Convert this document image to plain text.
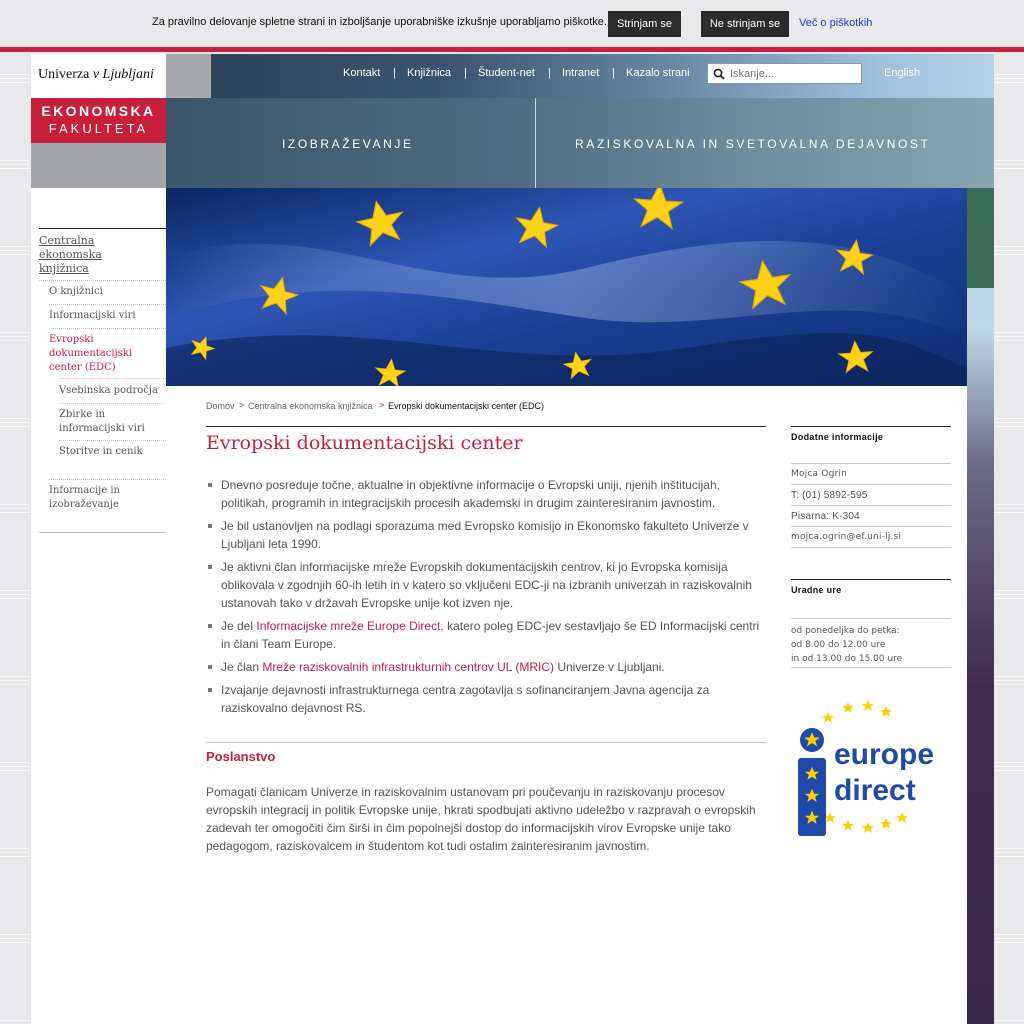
Za pravilno delovanje spletne strani in izboljšanje uporabniške izkušnje uporabljamo piškotke. Strinjam se	Ne strinjam se	Več o piškotkih
Univerza v Ljubljani
EKONOMSKA
FAKULTETA
Kontakt | Knjižnica | Študent-net | Intranet | Kazalo strani
Iskanje...	English
IZOBRAŽEVANJE	RAZISKOVALNA IN SVETOVALNA DEJAVNOST
Centralna ekonomska knjižnica
O knjižnici
Informacijski viri
Evropski dokumentacijski center (EDC)
Vsebinska področja
Zbirke in informacijski viri
Storitve in cenik
Informacije in izobraževanje
Domov > Centralna ekonomska knjižnica > Evropski dokumentacijski center (EDC)
Evropski dokumentacijski center
Dnevno posreduje točne, aktualne in objektivne informacije o Evropski uniji, njenih inštitucijah, politikah, programih in integracijskih procesih akademski in drugim zainteresiranim javnostim.
Je bil ustanovljen na podlagi sporazuma med Evropsko komisijo in Ekonomsko fakulteto Univerze v Ljubljani leta 1990.
Je aktivni član informacijske mreže Evropskih dokumentacijskih centrov, ki jo Evropska komisija oblikovala v zgodnjih 60-ih letih in v katero so vključeni EDC-ji na izbranih univerzah in raziskovalnih ustanovah tako v državah Evropske unije kot izven nje.
Je del Informacijske mreže Europe Direct, katero poleg EDC-jev sestavljajo še ED Informacijski centri in člani Team Europe.
Je član Mreže raziskovalnih infrastrukturnih centrov UL (MRIC) Univerze v Ljubljani.
Izvajanje dejavnosti infrastrukturnega centra zagotavlja s sofinanciranjem Javna agencija za raziskovalno dejavnost RS.
Poslanstvo

Pomagati članicam Univerze in raziskovalnim ustanovam pri poučevanju in raziskovanju procesov evropskih integracij in politik Evropske unije, hkrati spodbujati aktivno udeležbo v razpravah o evropskih zadevah ter omogočiti čim širši in čim popolnejši dostop do informacijskih virov Evropske unije tako pedagogom, raziskovalcem in študentom kot tudi ostalim zainteresiranim javnostim.

Dodatne informacije
Mojca Ogrin
T: (01) 5892-595
Pisarna: K-304
mojca.ogrin@ef.uni-lj.si
Uradne ure
od ponedeljka do petka:
od 8.00 do 12.00 ure
in od 13.00 do 15.00 ure
europe
direct
